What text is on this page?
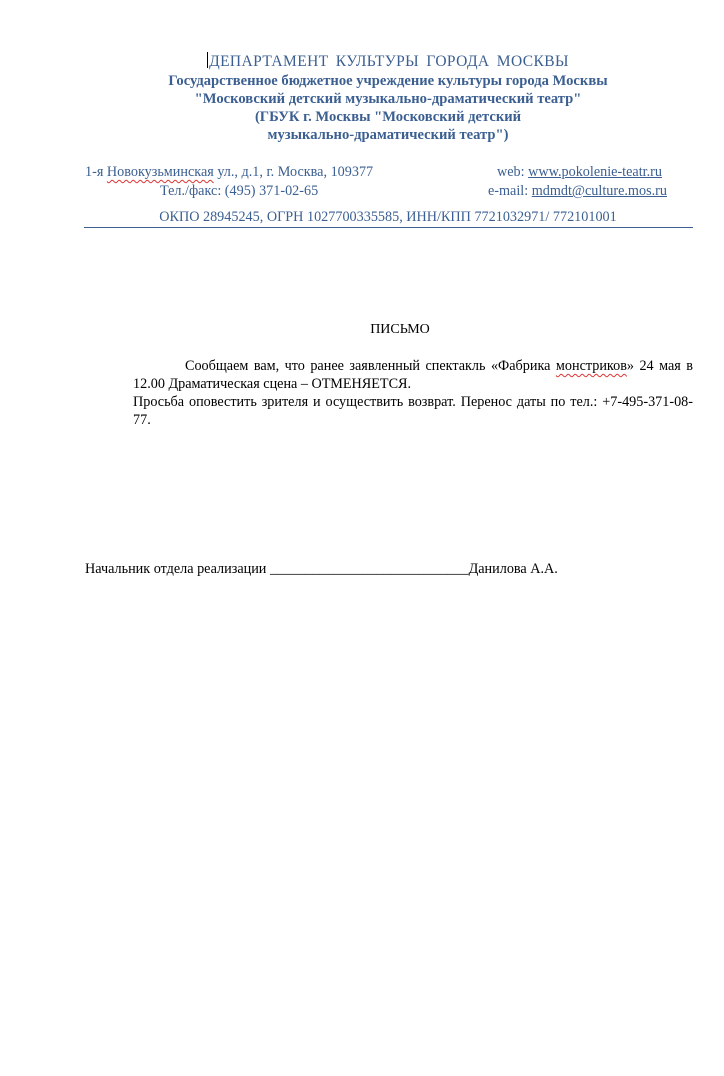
ДЕПАРТАМЕНТ КУЛЬТУРЫ ГОРОДА МОСКВЫ
Государственное бюджетное учреждение культуры города Москвы
"Московский детский музыкально-драматический театр"
(ГБУК г. Москвы "Московский детский
музыкально-драматический театр")
1-я Новокузьминская ул., д.1, г. Москва, 109377
Тел./факс: (495) 371-02-65
web: www.pokolenie-teatr.ru
e-mail: mdmdt@culture.mos.ru
ОКПО 28945245, ОГРН 1027700335585, ИНН/КПП 7721032971/ 772101001
ПИСЬМО

Сообщаем вам, что ранее заявленный спектакль «Фабрика монстриков» 24 мая в 12.00 Драматическая сцена – ОТМЕНЯЕТСЯ.

Просьба оповестить зрителя и осуществить возврат. Перенос даты по тел.: +7-495-371-08-77.

Начальник отдела реализации ____________________________Данилова А.А.
